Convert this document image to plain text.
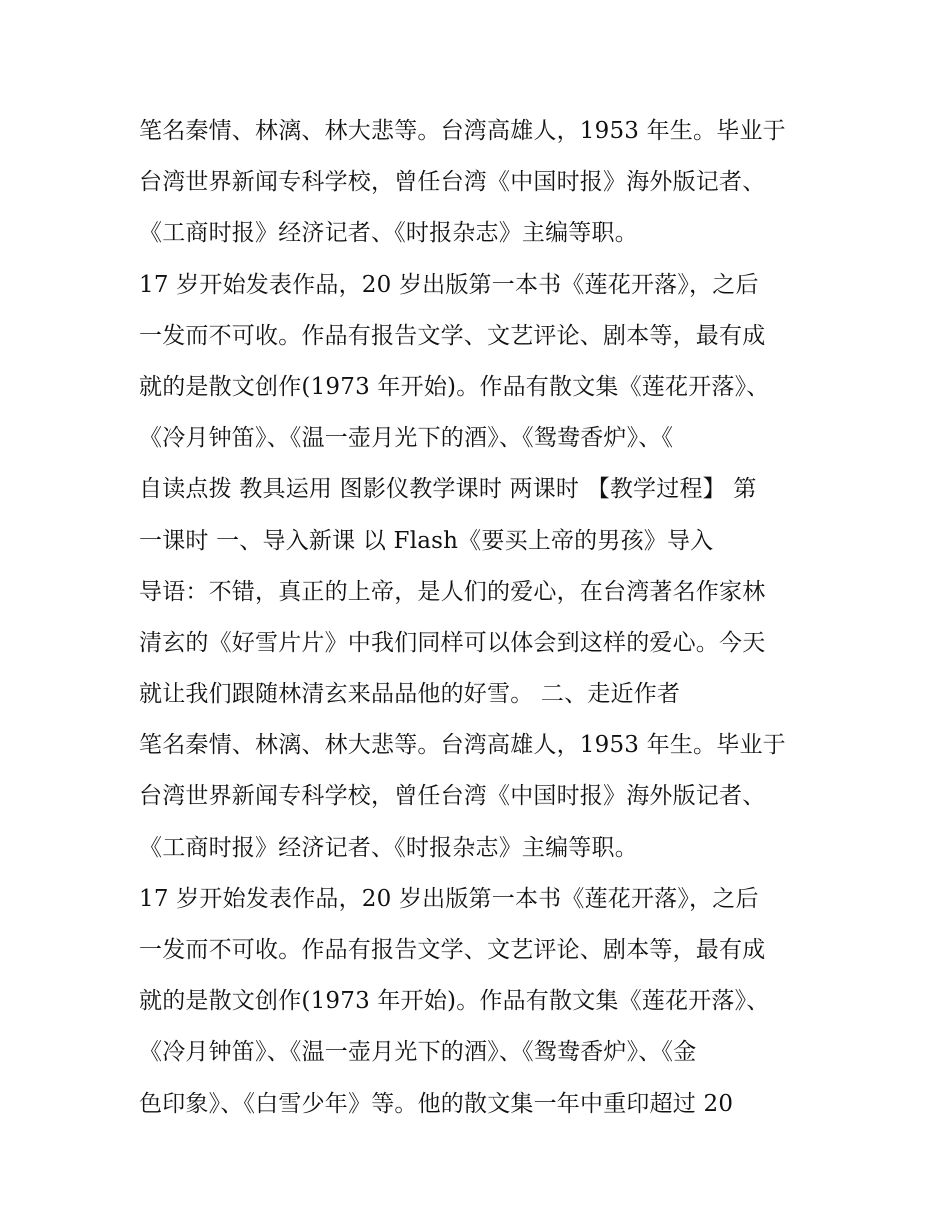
笔名秦情、林漓、林大悲等。台湾高雄人，1953 年生。毕业于
台湾世界新闻专科学校，曾任台湾《中国时报》海外版记者、
《工商时报》经济记者、《时报杂志》主编等职。
17 岁开始发表作品，20 岁出版第一本书《莲花开落》，之后
一发而不可收。作品有报告文学、文艺评论、剧本等，最有成
就的是散文创作(1973 年开始)。作品有散文集《莲花开落》、
《冷月钟笛》、《温一壶月光下的酒》、《鸳鸯香炉》、《
自读点拨 教具运用 图影仪教学课时 两课时 【教学过程】 第
一课时 一、导入新课 以 Flash《要买上帝的男孩》导入
导语：不错，真正的上帝，是人们的爱心，在台湾著名作家林
清玄的《好雪片片》中我们同样可以体会到这样的爱心。今天
就让我们跟随林清玄来品品他的好雪。 二、走近作者
笔名秦情、林漓、林大悲等。台湾高雄人，1953 年生。毕业于
台湾世界新闻专科学校，曾任台湾《中国时报》海外版记者、
《工商时报》经济记者、《时报杂志》主编等职。
17 岁开始发表作品，20 岁出版第一本书《莲花开落》，之后
一发而不可收。作品有报告文学、文艺评论、剧本等，最有成
就的是散文创作(1973 年开始)。作品有散文集《莲花开落》、
《冷月钟笛》、《温一壶月光下的酒》、《鸳鸯香炉》、《金
色印象》、《白雪少年》等。他的散文集一年中重印超过 20
